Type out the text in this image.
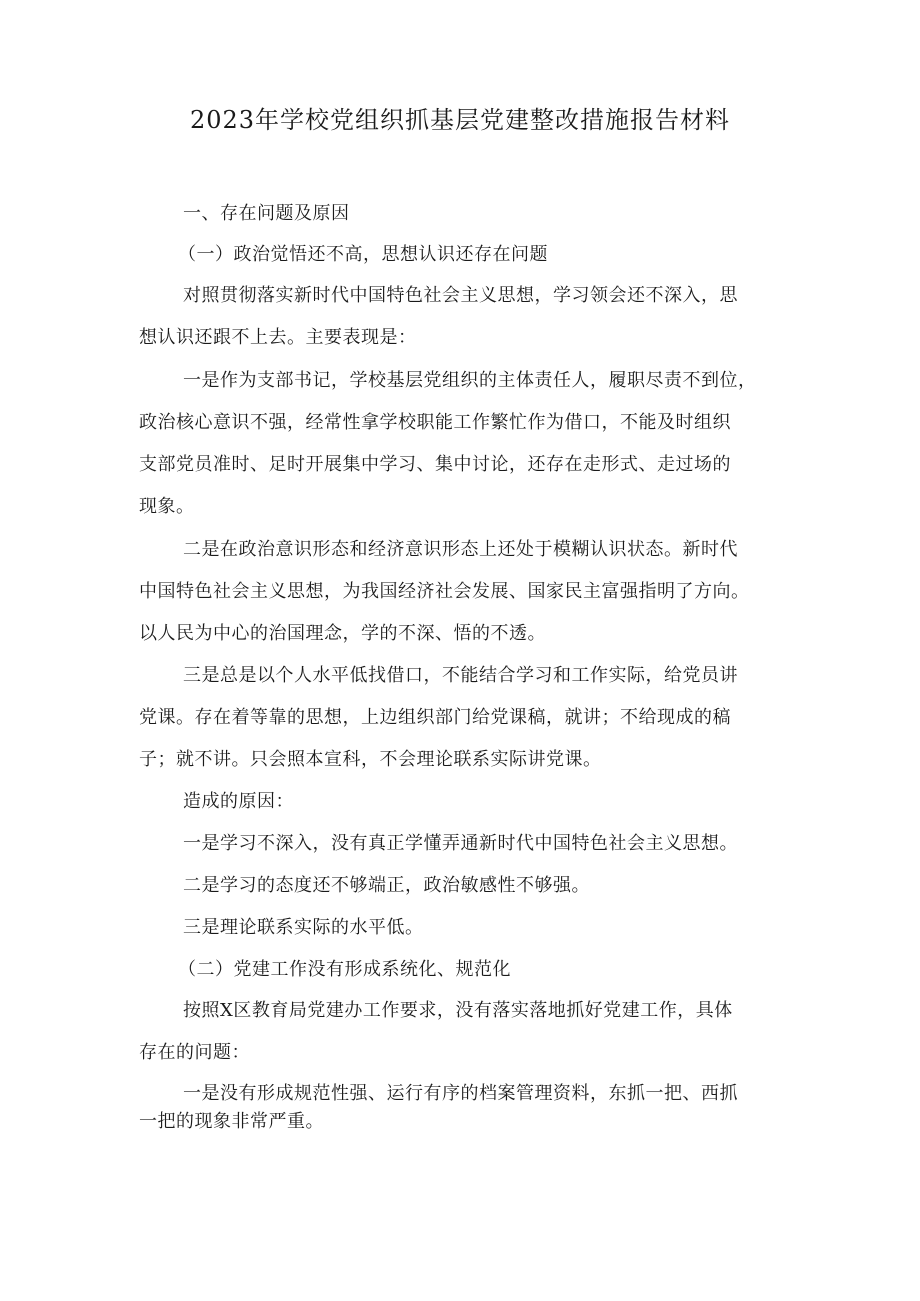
2023年学校党组织抓基层党建整改措施报告材料
一、存在问题及原因
（一）政治觉悟还不高，思想认识还存在问题
对照贯彻落实新时代中国特色社会主义思想，学习领会还不深入，思
想认识还跟不上去。主要表现是：
一是作为支部书记，学校基层党组织的主体责任人，履职尽责不到位，
政治核心意识不强，经常性拿学校职能工作繁忙作为借口，不能及时组织
支部党员准时、足时开展集中学习、集中讨论，还存在走形式、走过场的
现象。
二是在政治意识形态和经济意识形态上还处于模糊认识状态。新时代
中国特色社会主义思想，为我国经济社会发展、国家民主富强指明了方向。
以人民为中心的治国理念，学的不深、悟的不透。
三是总是以个人水平低找借口，不能结合学习和工作实际，给党员讲
党课。存在着等靠的思想，上边组织部门给党课稿，就讲；不给现成的稿
子；就不讲。只会照本宣科，不会理论联系实际讲党课。
造成的原因：
一是学习不深入，没有真正学懂弄通新时代中国特色社会主义思想。
二是学习的态度还不够端正，政治敏感性不够强。
三是理论联系实际的水平低。
（二）党建工作没有形成系统化、规范化
按照X区教育局党建办工作要求，没有落实落地抓好党建工作，具体
存在的问题：
一是没有形成规范性强、运行有序的档案管理资料，东抓一把、西抓
一把的现象非常严重。
